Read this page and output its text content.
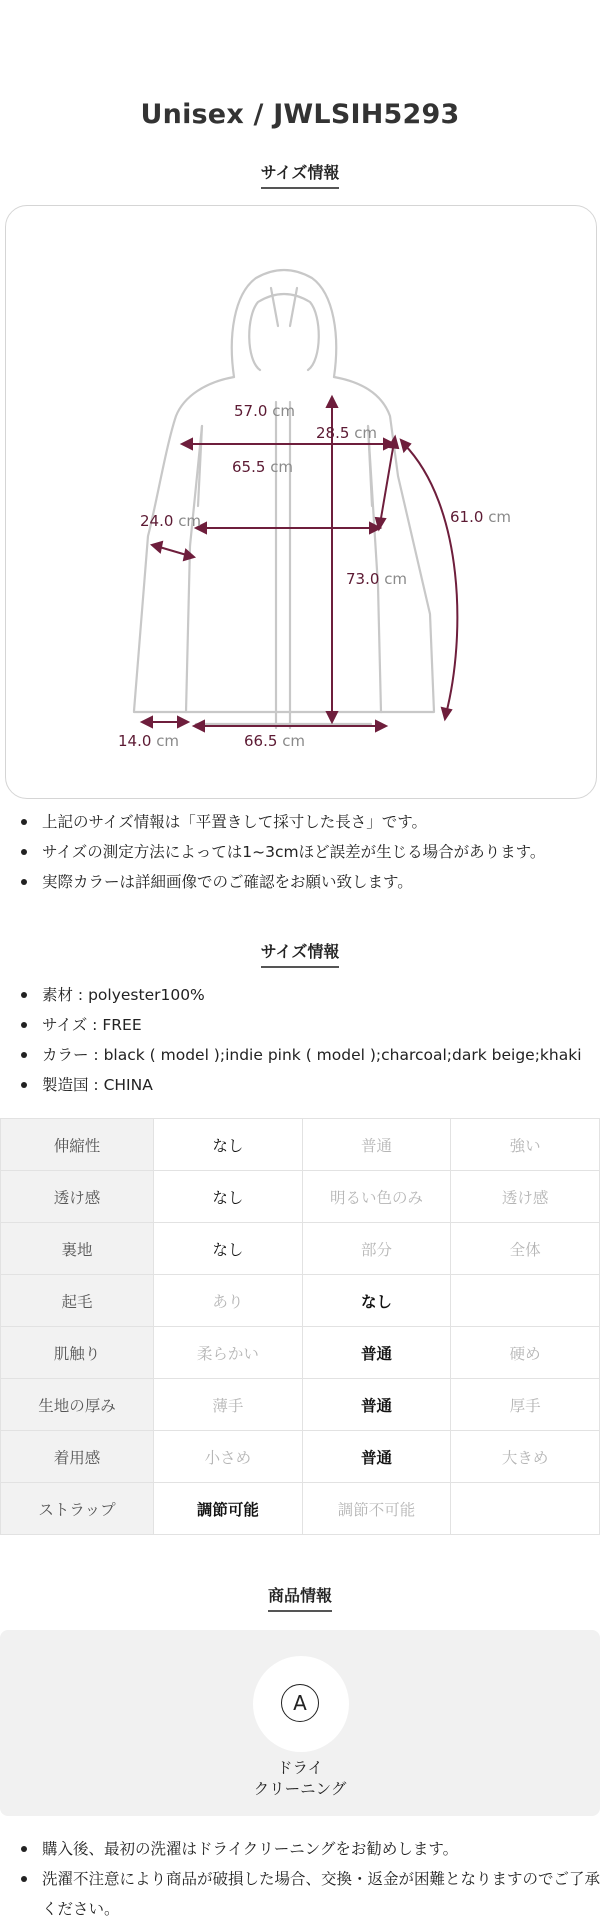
Unisex / JWLSIH5293
サイズ情報
57.0 cm
28.5 cm
65.5 cm
24.0 cm	61.0 cm
73.0 cm
14.0 cm	66.5 cm
上記のサイズ情報は「平置きして採寸した長さ」です。
サイズの測定方法によっては1~3cmほど誤差が生じる場合があります。
実際カラーは詳細画像でのご確認をお願い致します。
サイズ情報
素材 : polyester100%
サイズ : FREE
カラー : black ( model );indie pink ( model );charcoal;dark beige;khaki
製造国 : CHINA
伸縮性	なし	普通	強い
透け感	なし	明るい色のみ	透け感
裏地	なし	部分	全体
起毛	あり	なし	
肌触り	柔らかい	普通	硬め
生地の厚み	薄手	普通	厚手
着用感	小さめ	普通	大きめ
ストラップ	調節可能	調節不可能	
商品情報
A
ドライ
クリーニング
購入後、最初の洗濯はドライクリーニングをお勧めします。
洗濯不注意により商品が破損した場合、交換・返金が困難となりますのでご了承ください。
